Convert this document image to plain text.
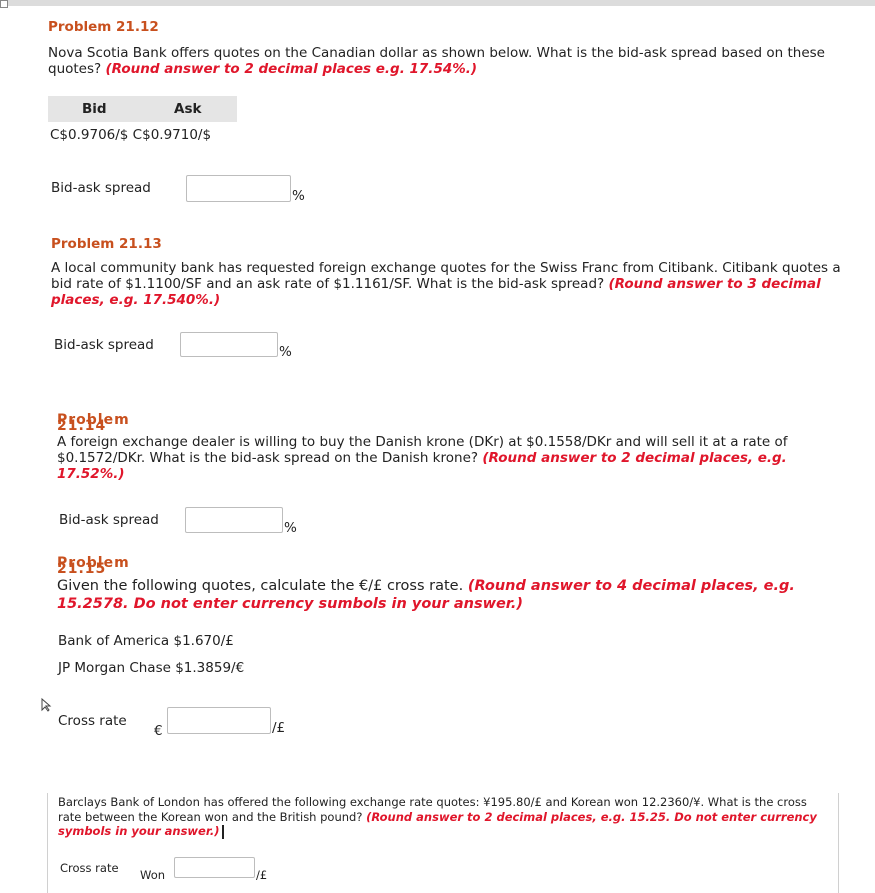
Problem 21.12
Nova Scotia Bank offers quotes on the Canadian dollar as shown below. What is the bid-ask spread based on these quotes? (Round answer to 2 decimal places e.g. 17.54%.)
Bid	Ask
C$0.9706/$ C$0.9710/$
Bid-ask spread	%
Problem 21.13
A local community bank has requested foreign exchange quotes for the Swiss Franc from Citibank. Citibank quotes a bid rate of $1.1100/SF and an ask rate of $1.1161/SF. What is the bid-ask spread? (Round answer to 3 decimal places, e.g. 17.540%.)
Bid-ask spread	%
Problem 21.14
A foreign exchange dealer is willing to buy the Danish krone (DKr) at $0.1558/DKr and will sell it at a rate of $0.1572/DKr. What is the bid-ask spread on the Danish krone? (Round answer to 2 decimal places, e.g. 17.52%.)
Bid-ask spread	%
Problem 21.15
Given the following quotes, calculate the €/£ cross rate. (Round answer to 4 decimal places, e.g. 15.2578. Do not enter currency sumbols in your answer.)
Bank of America $1.670/£
JP Morgan Chase $1.3859/€
Cross rate
€	/£
Barclays Bank of London has offered the following exchange rate quotes: ¥195.80/£ and Korean won 12.2360/¥. What is the cross rate between the Korean won and the British pound? (Round answer to 2 decimal places, e.g. 15.25. Do not enter currency symbols in your answer.)
Cross rate Won	/£
